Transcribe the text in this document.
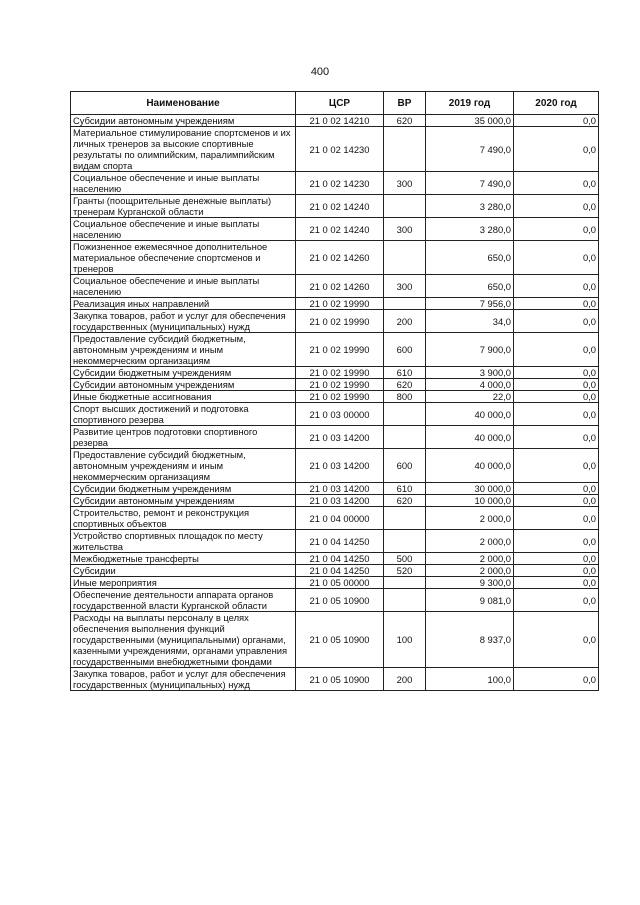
400
Наименование	ЦСР	ВР	2019 год	2020 год
Субсидии автономным учреждениям	21 0 02 14210	620	35 000,0	0,0
Материальное стимулирование спортсменов и их личных тренеров за высокие спортивные результаты по олимпийским, паралимпийским видам спорта	21 0 02 14230		7 490,0	0,0
Социальное обеспечение и иные выплаты населению	21 0 02 14230	300	7 490,0	0,0
Гранты (поощрительные денежные выплаты) тренерам Курганской области	21 0 02 14240		3 280,0	0,0
Социальное обеспечение и иные выплаты населению	21 0 02 14240	300	3 280,0	0,0
Пожизненное ежемесячное дополнительное материальное обеспечение спортсменов и тренеров	21 0 02 14260		650,0	0,0
Социальное обеспечение и иные выплаты населению	21 0 02 14260	300	650,0	0,0
Реализация иных направлений	21 0 02 19990		7 956,0	0,0
Закупка товаров, работ и услуг для обеспечения государственных (муниципальных) нужд	21 0 02 19990	200	34,0	0,0
Предоставление субсидий бюджетным, автономным учреждениям и иным некоммерческим организациям	21 0 02 19990	600	7 900,0	0,0
Субсидии бюджетным учреждениям	21 0 02 19990	610	3 900,0	0,0
Субсидии автономным учреждениям	21 0 02 19990	620	4 000,0	0,0
Иные бюджетные ассигнования	21 0 02 19990	800	22,0	0,0
Спорт высших достижений и подготовка спортивного резерва	21 0 03 00000		40 000,0	0,0
Развитие центров подготовки спортивного резерва	21 0 03 14200		40 000,0	0,0
Предоставление субсидий бюджетным, автономным учреждениям и иным некоммерческим организациям	21 0 03 14200	600	40 000,0	0,0
Субсидии бюджетным учреждениям	21 0 03 14200	610	30 000,0	0,0
Субсидии автономным учреждениям	21 0 03 14200	620	10 000,0	0,0
Строительство, ремонт и реконструкция спортивных объектов	21 0 04 00000		2 000,0	0,0
Устройство спортивных площадок по месту жительства	21 0 04 14250		2 000,0	0,0
Межбюджетные трансферты	21 0 04 14250	500	2 000,0	0,0
Субсидии	21 0 04 14250	520	2 000,0	0,0
Иные мероприятия	21 0 05 00000		9 300,0	0,0
Обеспечение деятельности аппарата органов государственной власти Курганской области	21 0 05 10900		9 081,0	0,0
Расходы на выплаты персоналу в целях обеспечения выполнения функций государственными (муниципальными) органами, казенными учреждениями, органами управления государственными внебюджетными фондами	21 0 05 10900	100	8 937,0	0,0
Закупка товаров, работ и услуг для обеспечения государственных (муниципальных) нужд	21 0 05 10900	200	100,0	0,0
